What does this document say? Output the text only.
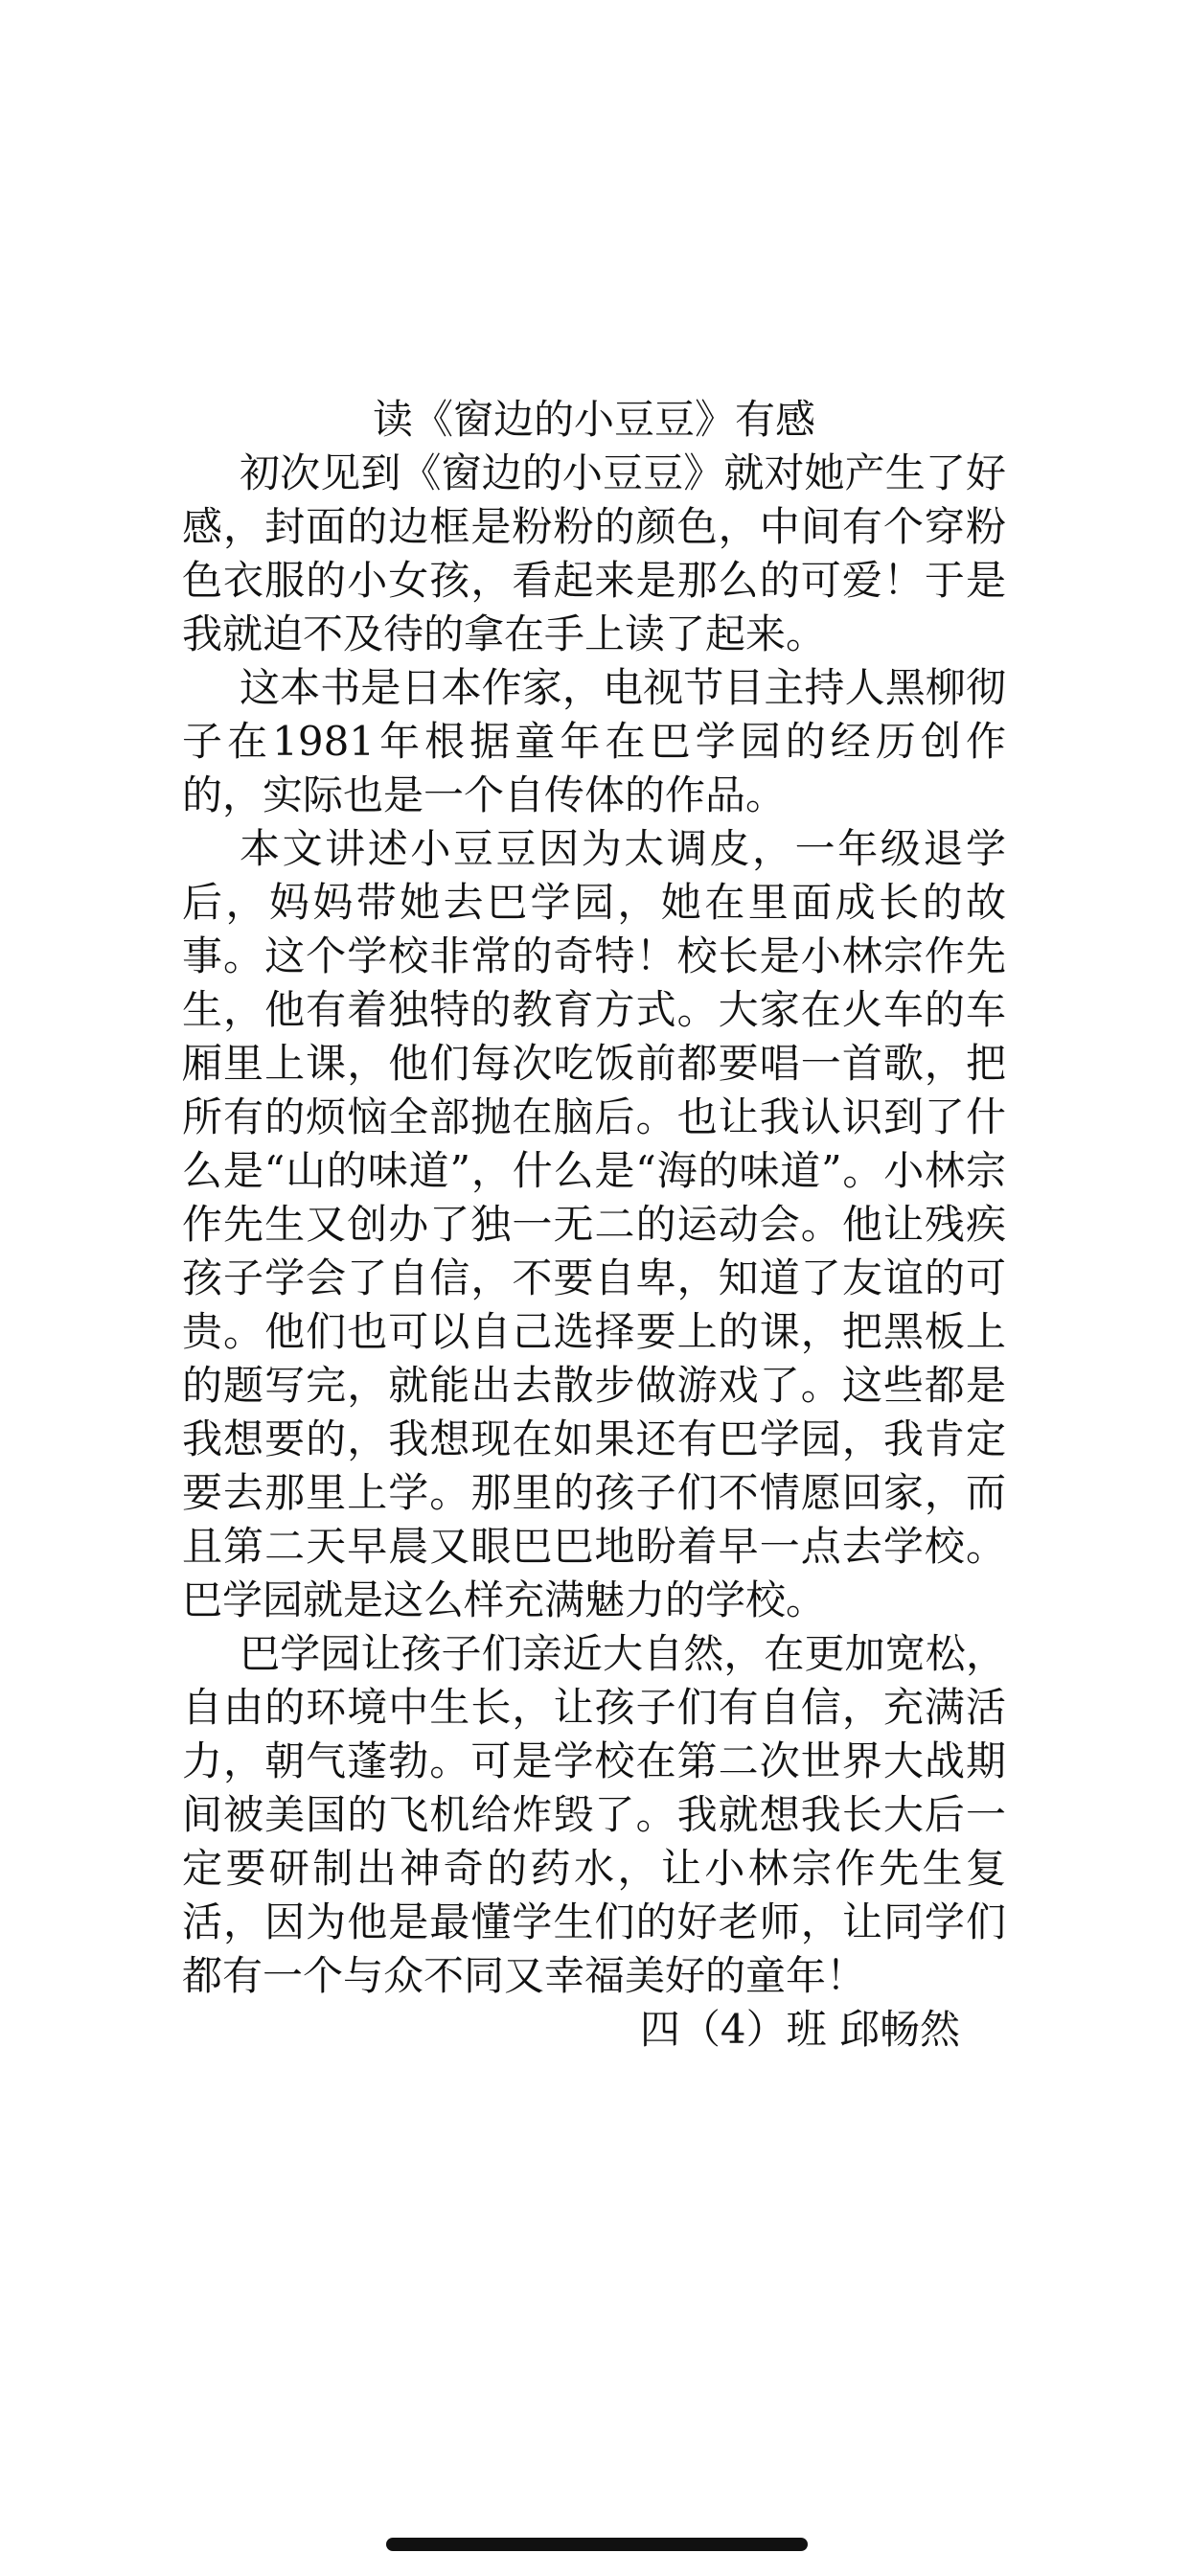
读《窗边的小豆豆》有感

初次见到《窗边的小豆豆》就对她产生了好感，封面的边框是粉粉的颜色，中间有个穿粉色衣服的小女孩，看起来是那么的可爱！于是我就迫不及待的拿在手上读了起来。

这本书是日本作家，电视节目主持人黑柳彻子在1981年根据童年在巴学园的经历创作的，实际也是一个自传体的作品。

本文讲述小豆豆因为太调皮，一年级退学后，妈妈带她去巴学园，她在里面成长的故事。这个学校非常的奇特！校长是小林宗作先生，他有着独特的教育方式。大家在火车的车厢里上课，他们每次吃饭前都要唱一首歌，把所有的烦恼全部抛在脑后。也让我认识到了什么是“山的味道”，什么是“海的味道”。小林宗作先生又创办了独一无二的运动会。他让残疾孩子学会了自信，不要自卑，知道了友谊的可贵。他们也可以自己选择要上的课，把黑板上的题写完，就能出去散步做游戏了。这些都是我想要的，我想现在如果还有巴学园，我肯定要去那里上学。那里的孩子们不情愿回家，而且第二天早晨又眼巴巴地盼着早一点去学校。巴学园就是这么样充满魅力的学校。

巴学园让孩子们亲近大自然，在更加宽松，自由的环境中生长，让孩子们有自信，充满活力，朝气蓬勃。可是学校在第二次世界大战期间被美国的飞机给炸毁了。我就想我长大后一定要研制出神奇的药水，让小林宗作先生复活，因为他是最懂学生们的好老师，让同学们都有一个与众不同又幸福美好的童年！

四（4）班 邱畅然
